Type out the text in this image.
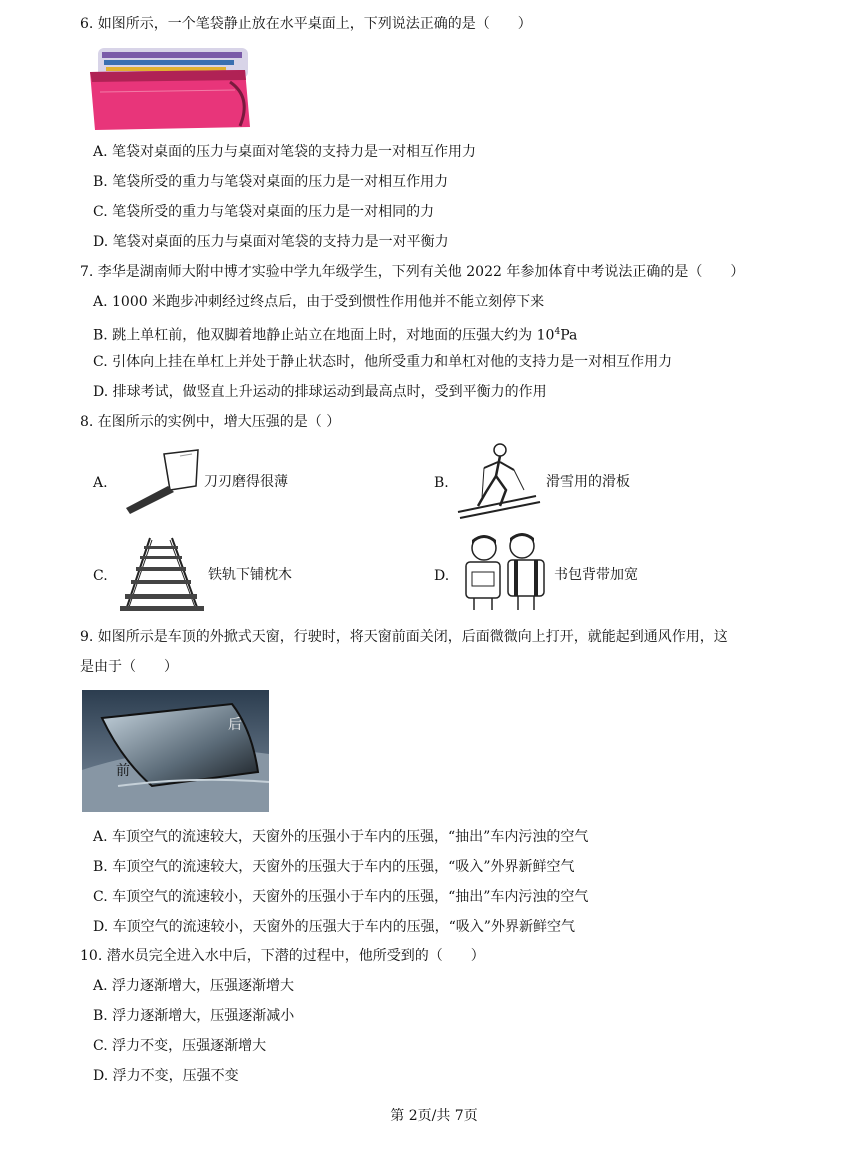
6. 如图所示，一个笔袋静止放在水平桌面上，下列说法正确的是（　　）
A. 笔袋对桌面的压力与桌面对笔袋的支持力是一对相互作用力
B. 笔袋所受的重力与笔袋对桌面的压力是一对相互作用力
C. 笔袋所受的重力与笔袋对桌面的压力是一对相同的力
D. 笔袋对桌面的压力与桌面对笔袋的支持力是一对平衡力
7. 李华是湖南师大附中博才实验中学九年级学生，下列有关他 2022 年参加体育中考说法正确的是（　　）
A. 1000 米跑步冲刺经过终点后，由于受到惯性作用他并不能立刻停下来
B. 跳上单杠前，他双脚着地静止站立在地面上时，对地面的压强大约为 $10^4Pa$
C. 引体向上挂在单杠上并处于静止状态时，他所受重力和单杠对他的支持力是一对相互作用力
D. 排球考试，做竖直上升运动的排球运动到最高点时，受到平衡力的作用
8. 在图所示的实例中，增大压强的是（ ）
A.	刀刃磨得很薄	B.	滑雪用的滑板
C.	铁轨下铺枕木	D.	书包背带加宽
9. 如图所示是车顶的外掀式天窗，行驶时，将天窗前面关闭，后面微微向上打开，就能起到通风作用，这
是由于（　　）
后
前
A. 车顶空气的流速较大，天窗外的压强小于车内的压强，“抽出”车内污浊的空气
B. 车顶空气的流速较大，天窗外的压强大于车内的压强，“吸入”外界新鲜空气
C. 车顶空气的流速较小，天窗外的压强小于车内的压强，“抽出”车内污浊的空气
D. 车顶空气的流速较小，天窗外的压强大于车内的压强，“吸入”外界新鲜空气
10. 潜水员完全进入水中后，下潜的过程中，他所受到的（　　）
A. 浮力逐渐增大，压强逐渐增大
B. 浮力逐渐增大，压强逐渐减小
C. 浮力不变，压强逐渐增大
D. 浮力不变，压强不变
第 2页/共 7页
